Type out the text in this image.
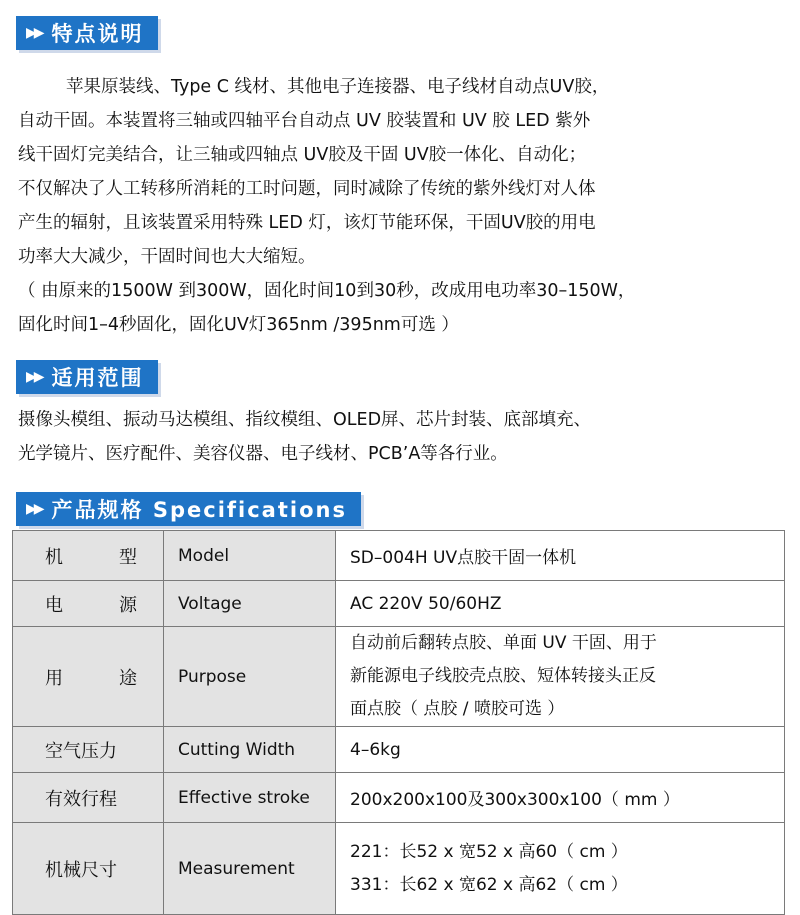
▶▶ 特点说明

苹果原装线、Type C 线材、其他电子连接器、电子线材自动点UV胶，

自动干固。本装置将三轴或四轴平台自动点 UV 胶装置和 UV 胶 LED 紫外

线干固灯完美结合，让三轴或四轴点 UV胶及干固 UV胶一体化、自动化；

不仅解决了人工转移所消耗的工时问题，同时减除了传统的紫外线灯对人体

产生的辐射，且该装置采用特殊 LED 灯，该灯节能环保，干固UV胶的用电

功率大大减少，干固时间也大大缩短。

（ 由原来的1500W 到300W，固化时间10到30秒，改成用电功率30–150W，

固化时间1–4秒固化，固化UV灯365nm /395nm可选 ）

▶▶ 适用范围

摄像头模组、振动马达模组、指纹模组、OLED屏、芯片封装、底部填充、

光学镜片、医疗配件、美容仪器、电子线材、PCB’A等各行业。

▶▶ 产品规格 Specifications
机 型	Model	SD–004H UV点胶干固一体机

电 源	Voltage	AC 220V 50/60HZ

用 途	Purpose	自动前后翻转点胶、单面 UV 干固、用于
新能源电子线胶壳点胶、短体转接头正反
面点胶（ 点胶 / 喷胶可选 ）

空气压力	Cutting Width	4–6kg
有效行程	Effective stroke	200x200x100及300x300x100（ mm ）
机械尺寸	Measurement	221：长52 x 宽52 x 高60（ cm ）
331：长62 x 宽62 x 高62（ cm ）
